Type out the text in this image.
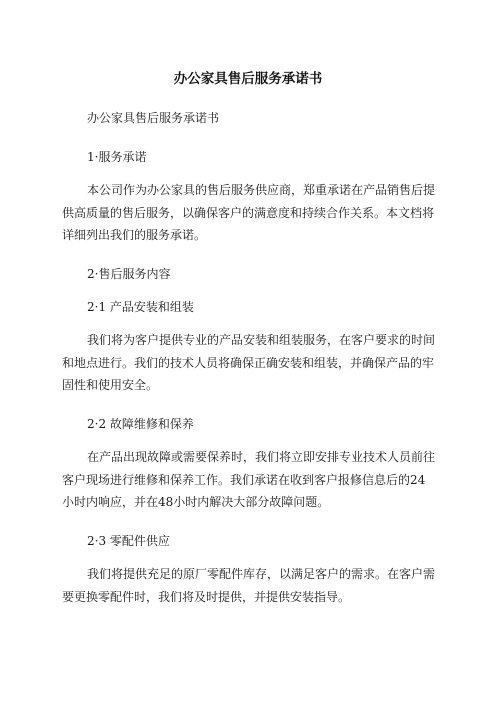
办公家具售后服务承诺书

办公家具售后服务承诺书

1·服务承诺

本公司作为办公家具的售后服务供应商，郑重承诺在产品销售后提供高质量的售后服务，以确保客户的满意度和持续合作关系。本文档将详细列出我们的服务承诺。

2·售后服务内容

2·1 产品安装和组装

我们将为客户提供专业的产品安装和组装服务，在客户要求的时间和地点进行。我们的技术人员将确保正确安装和组装，并确保产品的牢固性和使用安全。

2·2 故障维修和保养

在产品出现故障或需要保养时，我们将立即安排专业技术人员前往客户现场进行维修和保养工作。我们承诺在收到客户报修信息后的24小时内响应，并在48小时内解决大部分故障问题。

2·3 零配件供应

我们将提供充足的原厂零配件库存，以满足客户的需求。在客户需要更换零配件时，我们将及时提供，并提供安装指导。
